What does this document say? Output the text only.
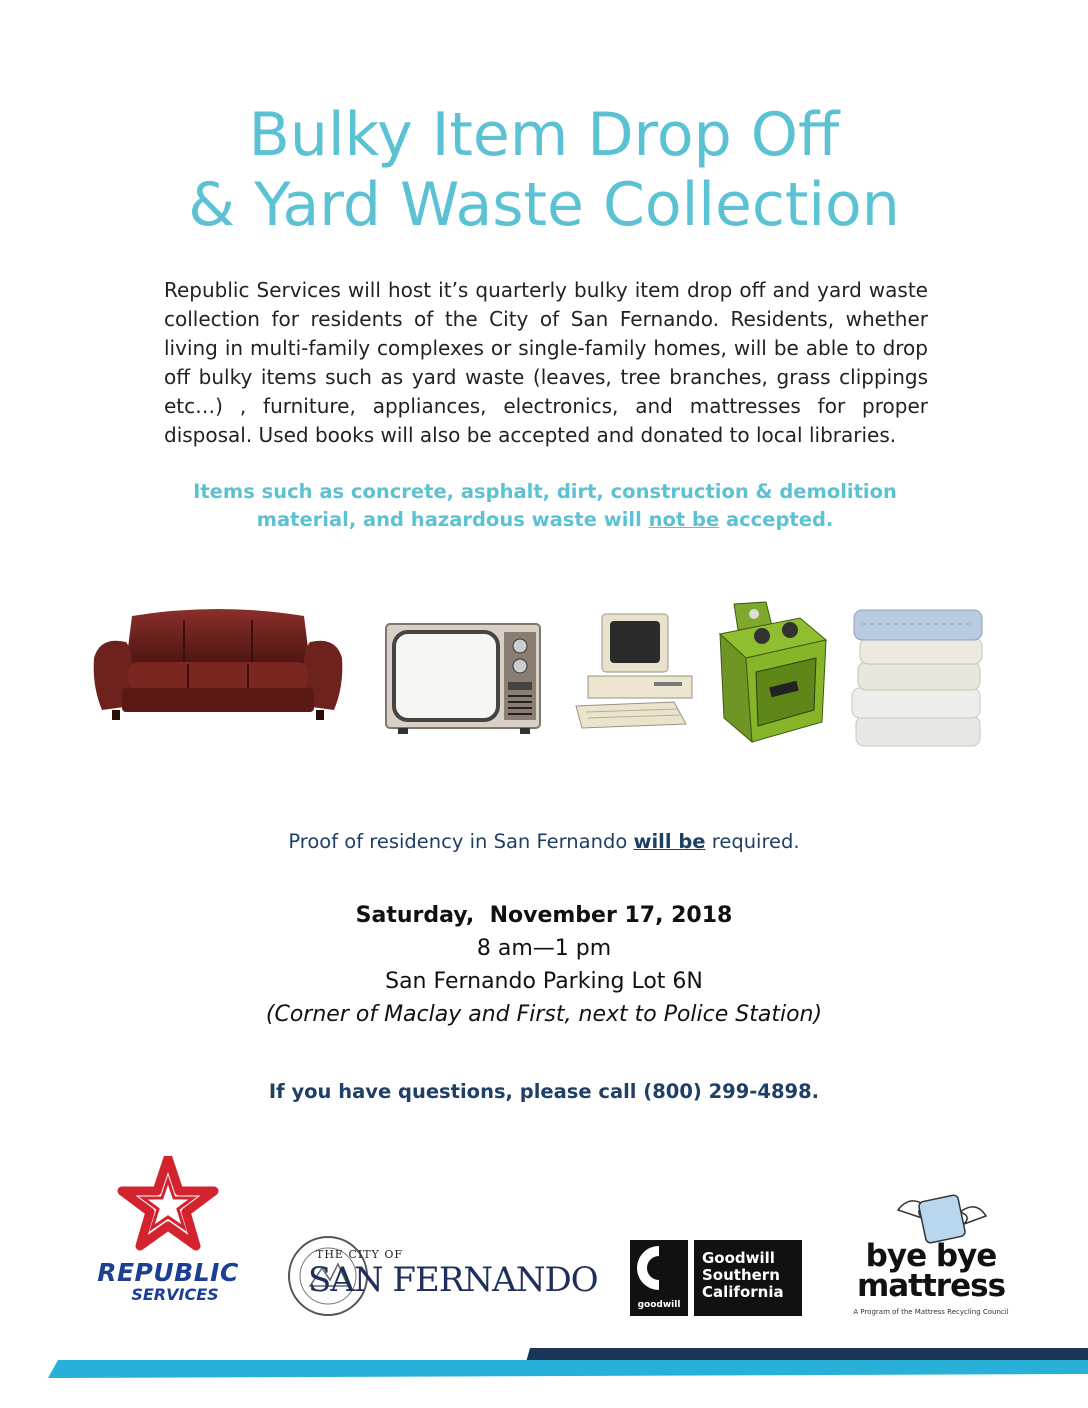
Bulky Item Drop Off
& Yard Waste Collection

Republic Services will host it’s quarterly bulky item drop off and yard waste collection for residents of the City of San Fernando. Residents, whether living in multi-family complexes or single-family homes, will be able to drop off bulky items such as yard waste (leaves, tree branches, grass clippings etc…) , furniture, appliances, electronics, and mattresses for proper disposal. Used books will also be accepted and donated to local libraries.

Items such as concrete, asphalt, dirt, construction & demolition material, and hazardous waste will not be accepted.

Proof of residency in San Fernando will be required.

Saturday,  November 17, 2018
8 am—1 pm
San Fernando Parking Lot 6N
(Corner of Maclay and First, next to Police Station)

If you have questions, please call (800) 299-4898.

REPUBLIC
SERVICES
THE CITY OF
SAN FERNANDO
goodwill
Goodwill
Southern
California
bye bye
mattress
A Program of the Mattress Recycling Council
